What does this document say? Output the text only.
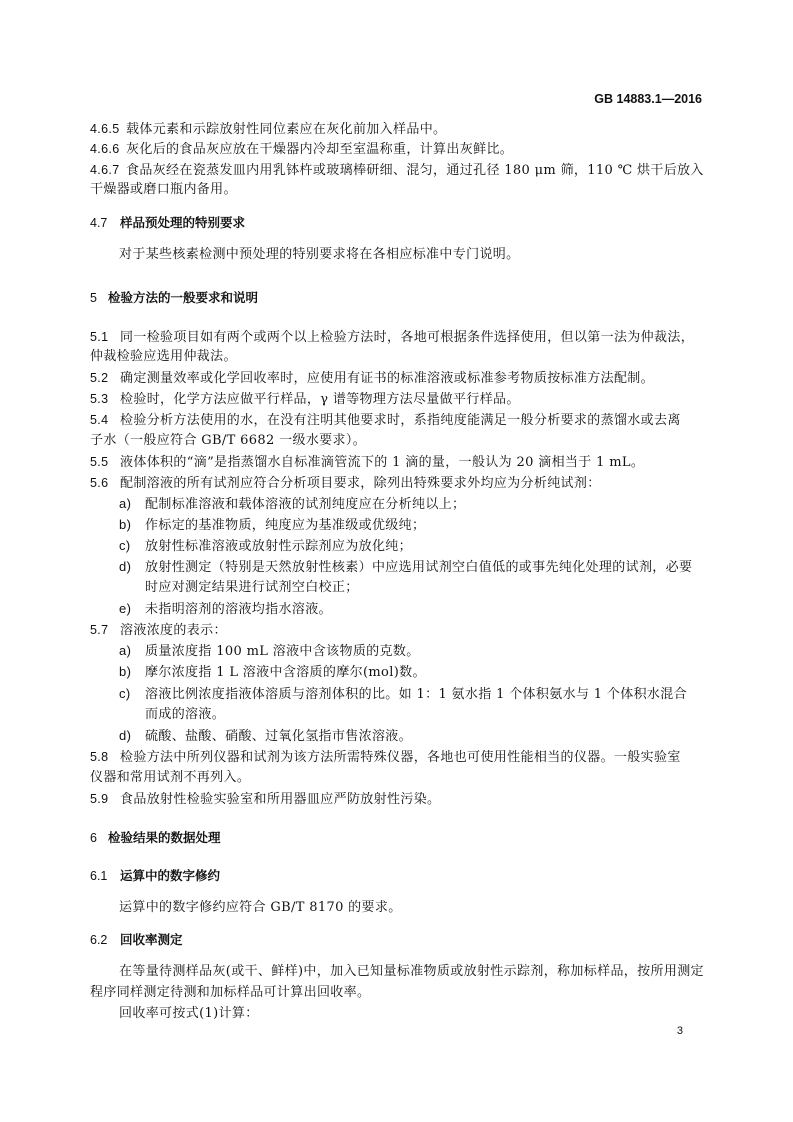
GB 14883.1—2016
4.6.5 载体元素和示踪放射性同位素应在灰化前加入样品中。
4.6.6 灰化后的食品灰应放在干燥器内冷却至室温称重，计算出灰鲜比。
4.6.7 食品灰经在瓷蒸发皿内用乳钵杵或玻璃棒研细、混匀，通过孔径 180 μm 筛，110 ℃ 烘干后放入
干燥器或磨口瓶内备用。
4.7 样品预处理的特别要求
对于某些核素检测中预处理的特别要求将在各相应标准中专门说明。
5 检验方法的一般要求和说明
5.1 同一检验项目如有两个或两个以上检验方法时，各地可根据条件选择使用，但以第一法为仲裁法，
仲裁检验应选用仲裁法。
5.2 确定测量效率或化学回收率时，应使用有证书的标准溶液或标准参考物质按标准方法配制。
5.3 检验时，化学方法应做平行样品，γ 谱等物理方法尽量做平行样品。
5.4 检验分析方法使用的水，在没有注明其他要求时，系指纯度能满足一般分析要求的蒸馏水或去离
子水（一般应符合 GB/T 6682 一级水要求）。
5.5 液体体积的“滴”是指蒸馏水自标准滴管流下的 1 滴的量，一般认为 20 滴相当于 1 mL。
5.6 配制溶液的所有试剂应符合分析项目要求，除列出特殊要求外均应为分析纯试剂：
a) 配制标准溶液和载体溶液的试剂纯度应在分析纯以上；
b) 作标定的基准物质，纯度应为基准级或优级纯；
c) 放射性标准溶液或放射性示踪剂应为放化纯；
d) 放射性测定（特别是天然放射性核素）中应选用试剂空白值低的或事先纯化处理的试剂，必要
时应对测定结果进行试剂空白校正；
e) 未指明溶剂的溶液均指水溶液。
5.7 溶液浓度的表示：
a) 质量浓度指 100 mL 溶液中含该物质的克数。
b) 摩尔浓度指 1 L 溶液中含溶质的摩尔(mol)数。
c) 溶液比例浓度指液体溶质与溶剂体积的比。如 1：1 氨水指 1 个体积氨水与 1 个体积水混合
而成的溶液。
d) 硫酸、盐酸、硝酸、过氧化氢指市售浓溶液。
5.8 检验方法中所列仪器和试剂为该方法所需特殊仪器，各地也可使用性能相当的仪器。一般实验室
仪器和常用试剂不再列入。
5.9 食品放射性检验实验室和所用器皿应严防放射性污染。
6 检验结果的数据处理
6.1 运算中的数字修约
运算中的数字修约应符合 GB/T 8170 的要求。
6.2 回收率测定
在等量待测样品灰(或干、鲜样)中，加入已知量标准物质或放射性示踪剂，称加标样品，按所用测定
程序同样测定待测和加标样品可计算出回收率。
回收率可按式(1)计算：
3
